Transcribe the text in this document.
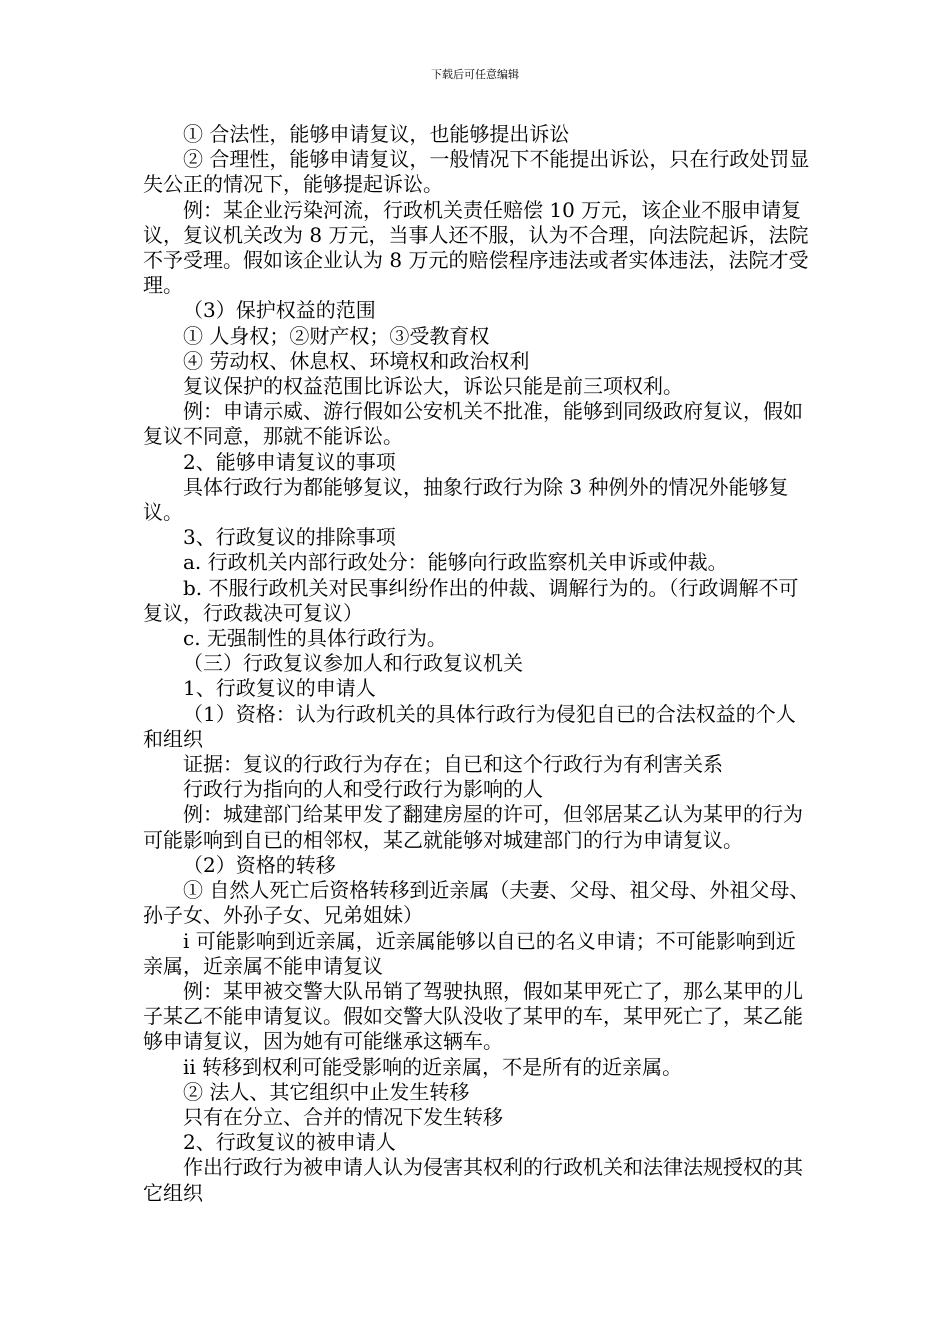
下载后可任意编辑

① 合法性，能够申请复议，也能够提出诉讼

② 合理性，能够申请复议，一般情况下不能提出诉讼，只在行政处罚显失公正的情况下，能够提起诉讼。

例：某企业污染河流，行政机关责任赔偿 10 万元，该企业不服申请复议，复议机关改为 8 万元，当事人还不服，认为不合理，向法院起诉，法院不予受理。假如该企业认为 8 万元的赔偿程序违法或者实体违法，法院才受理。

（3）保护权益的范围

① 人身权；②财产权；③受教育权

④ 劳动权、休息权、环境权和政治权利

复议保护的权益范围比诉讼大，诉讼只能是前三项权利。

例：申请示威、游行假如公安机关不批准，能够到同级政府复议，假如复议不同意，那就不能诉讼。

2、能够申请复议的事项

具体行政行为都能够复议，抽象行政行为除 3 种例外的情况外能够复议。

3、行政复议的排除事项

a. 行政机关内部行政处分：能够向行政监察机关申诉或仲裁。

b. 不服行政机关对民事纠纷作出的仲裁、调解行为的。（行政调解不可复议，行政裁决可复议）

c. 无强制性的具体行政行为。

（三）行政复议参加人和行政复议机关

1、行政复议的申请人

（1）资格：认为行政机关的具体行政行为侵犯自已的合法权益的个人和组织

证据：复议的行政行为存在；自已和这个行政行为有利害关系

行政行为指向的人和受行政行为影响的人

例：城建部门给某甲发了翻建房屋的许可，但邻居某乙认为某甲的行为可能影响到自已的相邻权，某乙就能够对城建部门的行为申请复议。

（2）资格的转移

① 自然人死亡后资格转移到近亲属（夫妻、父母、祖父母、外祖父母、孙子女、外孙子女、兄弟姐妹）

ⅰ 可能影响到近亲属，近亲属能够以自已的名义申请；不可能影响到近亲属，近亲属不能申请复议

例：某甲被交警大队吊销了驾驶执照，假如某甲死亡了，那么某甲的儿子某乙不能申请复议。假如交警大队没收了某甲的车，某甲死亡了，某乙能够申请复议，因为她有可能继承这辆车。

ⅱ 转移到权利可能受影响的近亲属，不是所有的近亲属。

② 法人、其它组织中止发生转移

只有在分立、合并的情况下发生转移

2、行政复议的被申请人

作出行政行为被申请人认为侵害其权利的行政机关和法律法规授权的其它组织
